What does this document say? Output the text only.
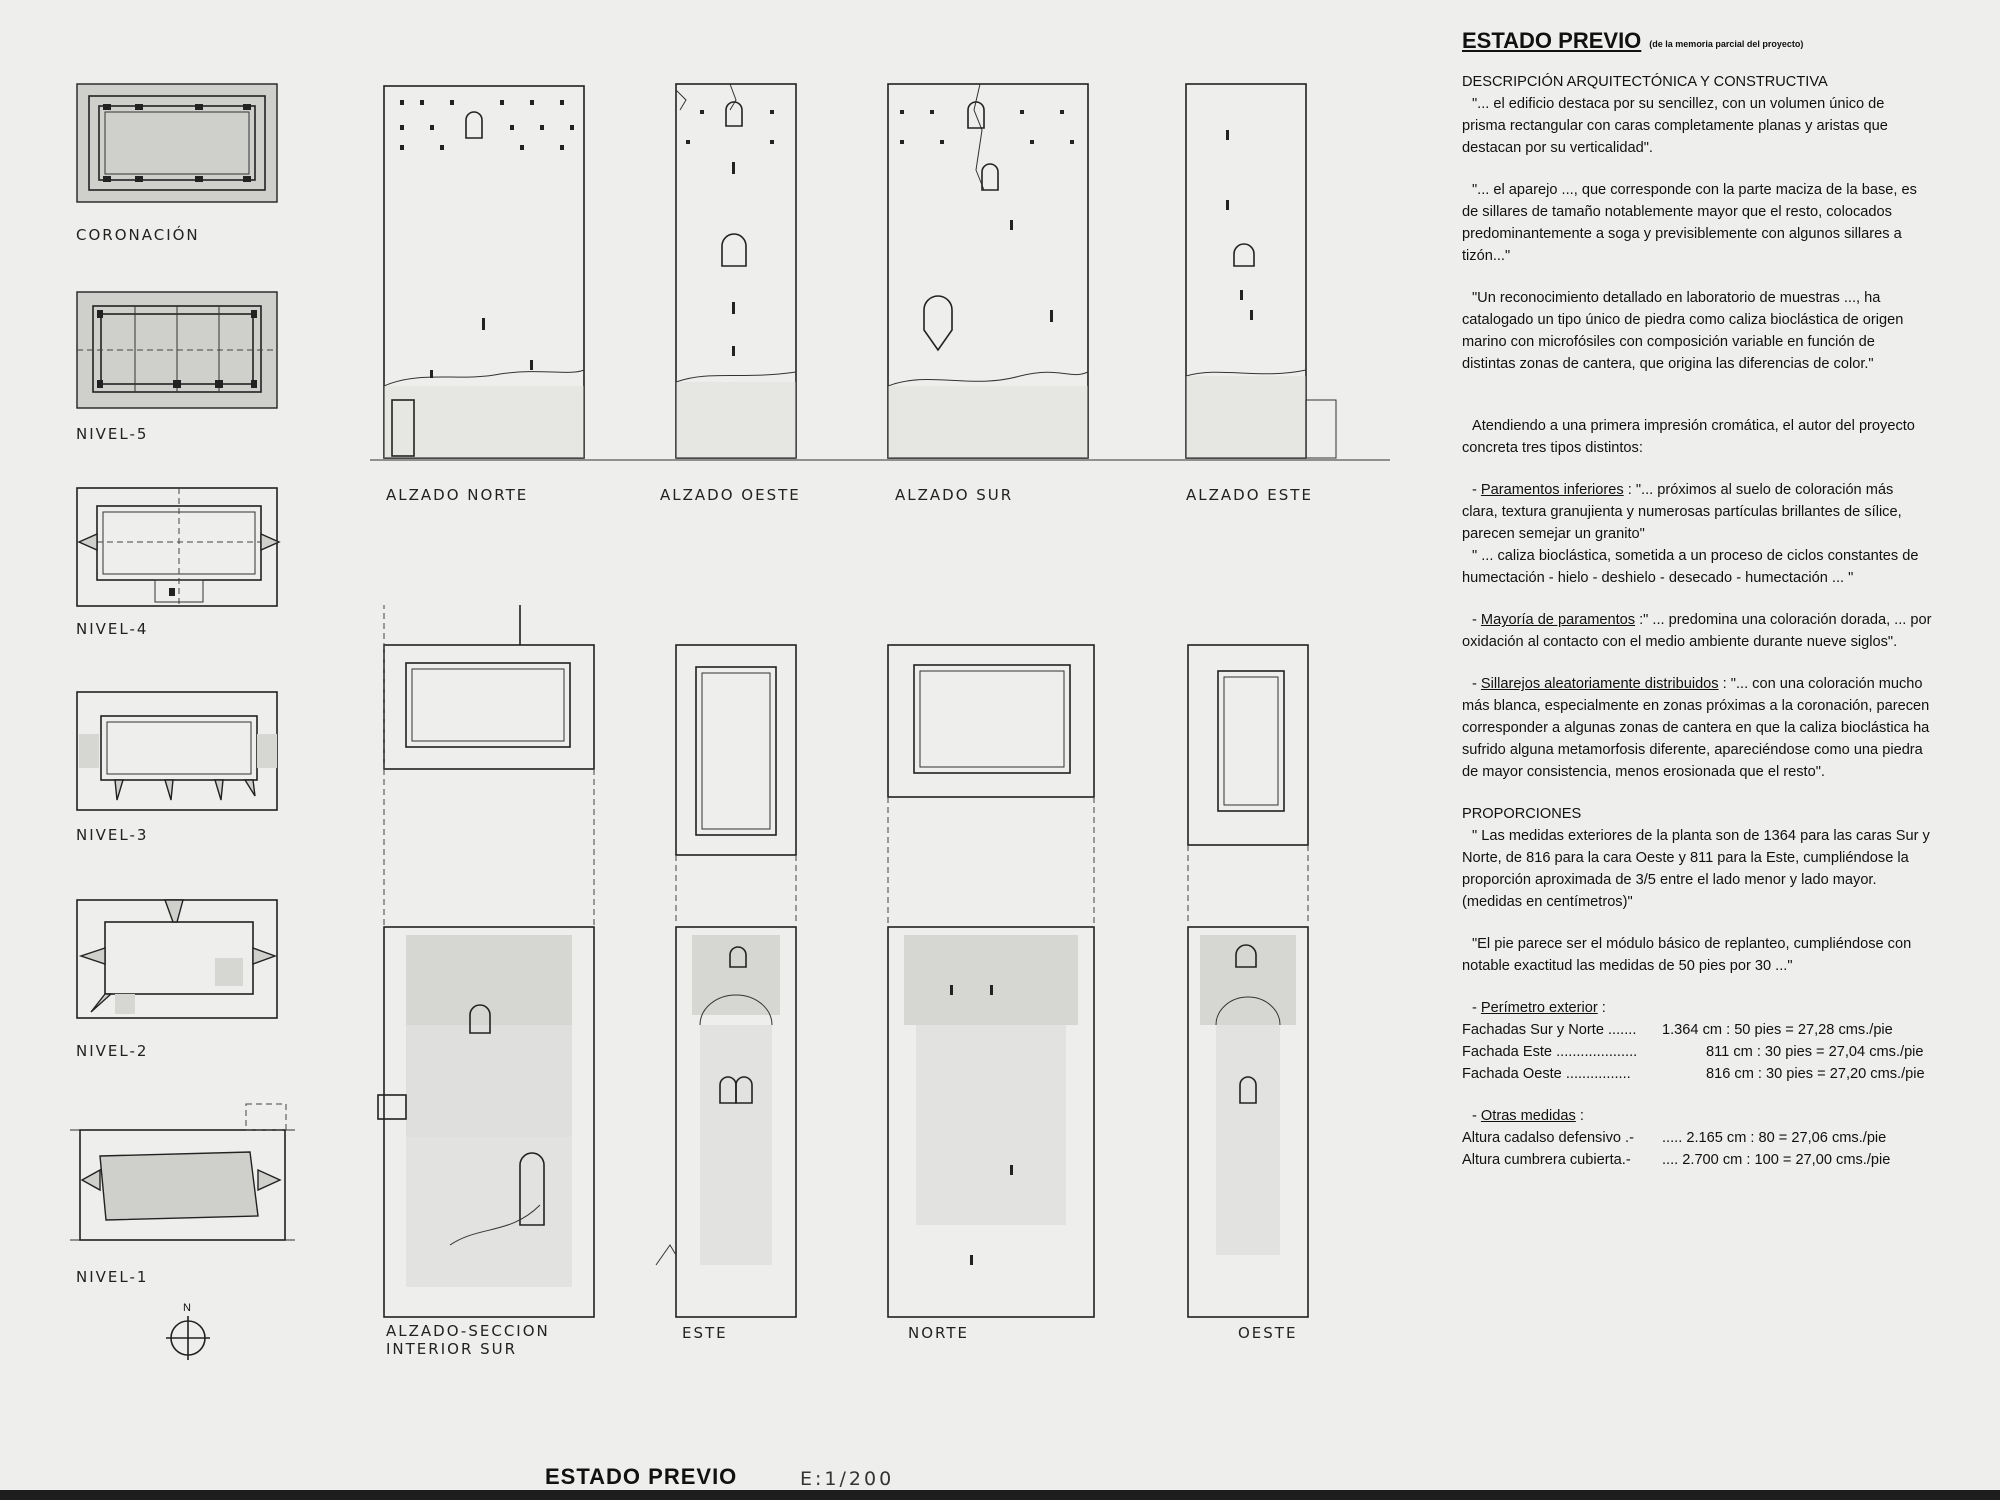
CORONACIÓN
NIVEL-5
NIVEL-4
NIVEL-3
NIVEL-2
NIVEL-1
N
ALZADO NORTE	ALZADO OESTE	ALZADO SUR	ALZADO ESTE
ALZADO-SECCION
INTERIOR SUR
ESTE	NORTE	OESTE

ESTADO PREVIO (de la memoria parcial del proyecto)

DESCRIPCIÓN ARQUITECTÓNICA Y CONSTRUCTIVA

"... el edificio destaca por su sencillez, con un volumen único de prisma rectangular con caras completamente planas y aristas que destacan por su verticalidad".

"... el aparejo ..., que corresponde con la parte maciza de la base, es de sillares de tamaño notablemente mayor que el resto, colocados predominantemente a soga y previsiblemente con algunos sillares a tizón..."

"Un reconocimiento detallado en laboratorio de muestras ..., ha catalogado un tipo único de piedra como caliza bioclástica de origen marino con microfósiles con composición variable en función de distintas zonas de cantera, que origina las diferencias de color."

Atendiendo a una primera impresión cromática, el autor del proyecto concreta tres tipos distintos:

- Paramentos inferiores : "... próximos al suelo de coloración más clara, textura granujienta y numerosas partículas brillantes de sílice, parecen semejar un granito"

" ... caliza bioclástica, sometida a un proceso de ciclos constantes de humectación - hielo - deshielo - desecado - humectación ... "

- Mayoría de paramentos :" ... predomina una coloración dorada, ... por oxidación al contacto con el medio ambiente durante nueve siglos".

- Sillarejos aleatoriamente distribuidos : "... con una coloración mucho más blanca, especialmente en zonas próximas a la coronación, parecen corresponder a algunas zonas de cantera en que la caliza bioclástica ha sufrido alguna metamorfosis diferente, apareciéndose como una piedra de mayor consistencia, menos erosionada que el resto".

PROPORCIONES

" Las medidas exteriores de la planta son de 1364 para las caras Sur y Norte, de 816 para la cara Oeste y 811 para la Este, cumpliéndose la proporción aproximada de 3/5 entre el lado menor y lado mayor. (medidas en centímetros)"

"El pie parece ser el módulo básico de replanteo, cumpliéndose con notable exactitud las medidas de 50 pies por 30 ..."

- Perímetro exterior :

Fachadas Sur y Norte .......	1.364 cm : 50 pies = 27,28 cms./pie
Fachada Este ....................	811 cm : 30 pies = 27,04 cms./pie
Fachada Oeste ................	816 cm : 30 pies = 27,20 cms./pie

- Otras medidas :

Altura cadalso defensivo .-	..... 2.165 cm : 80 = 27,06 cms./pie
Altura cumbrera cubierta.-	.... 2.700 cm : 100 = 27,00 cms./pie
ESTADO PREVIO	E:1/200
